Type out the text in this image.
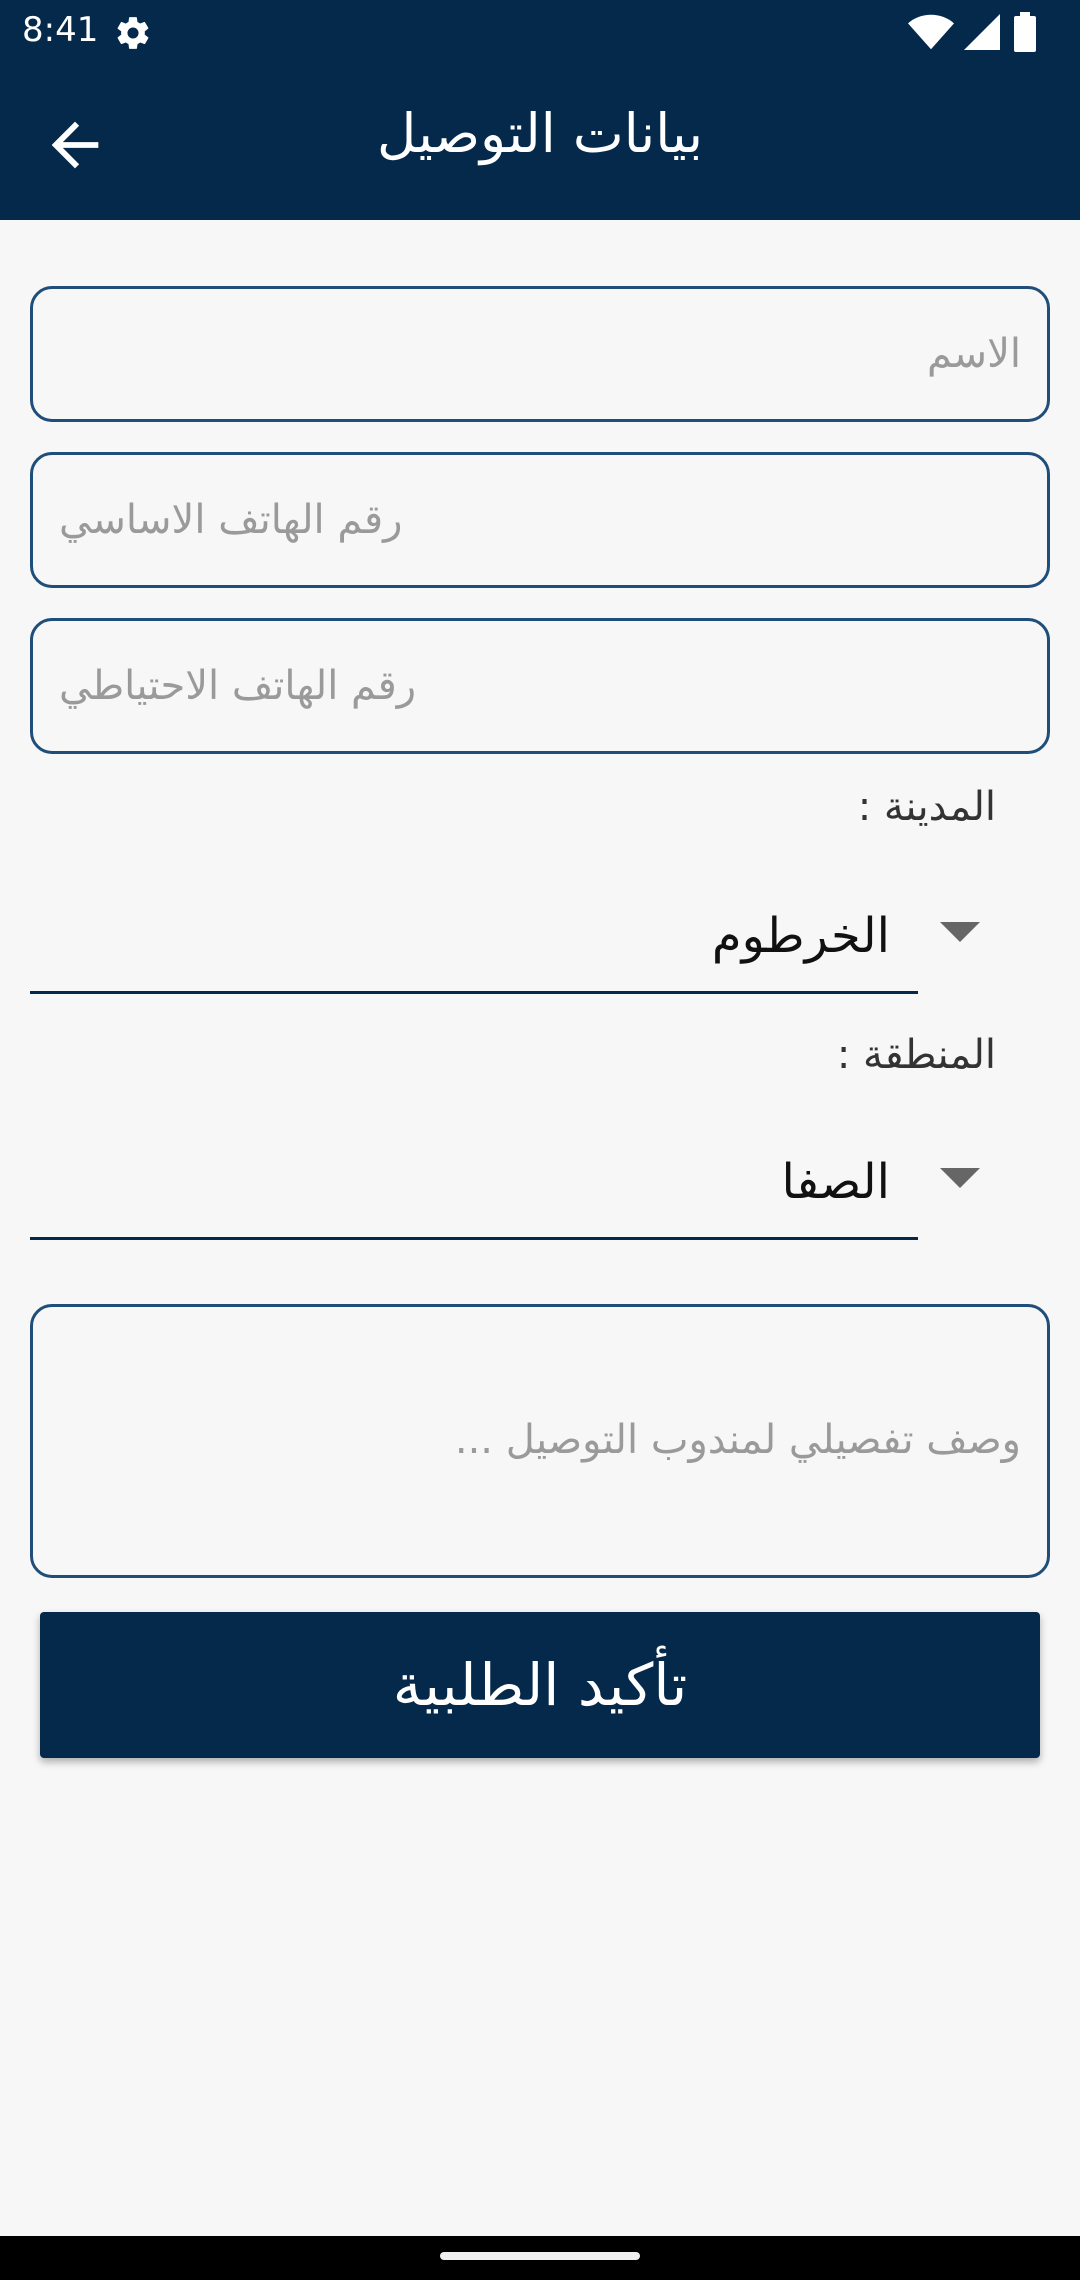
8:41
بيانات التوصيل
الاسم
رقم الهاتف الاساسي
رقم الهاتف الاحتياطي
المدينة :
الخرطوم
المنطقة :
الصفا
وصف تفصيلي لمندوب التوصيل ...
تأكيد الطلبية
